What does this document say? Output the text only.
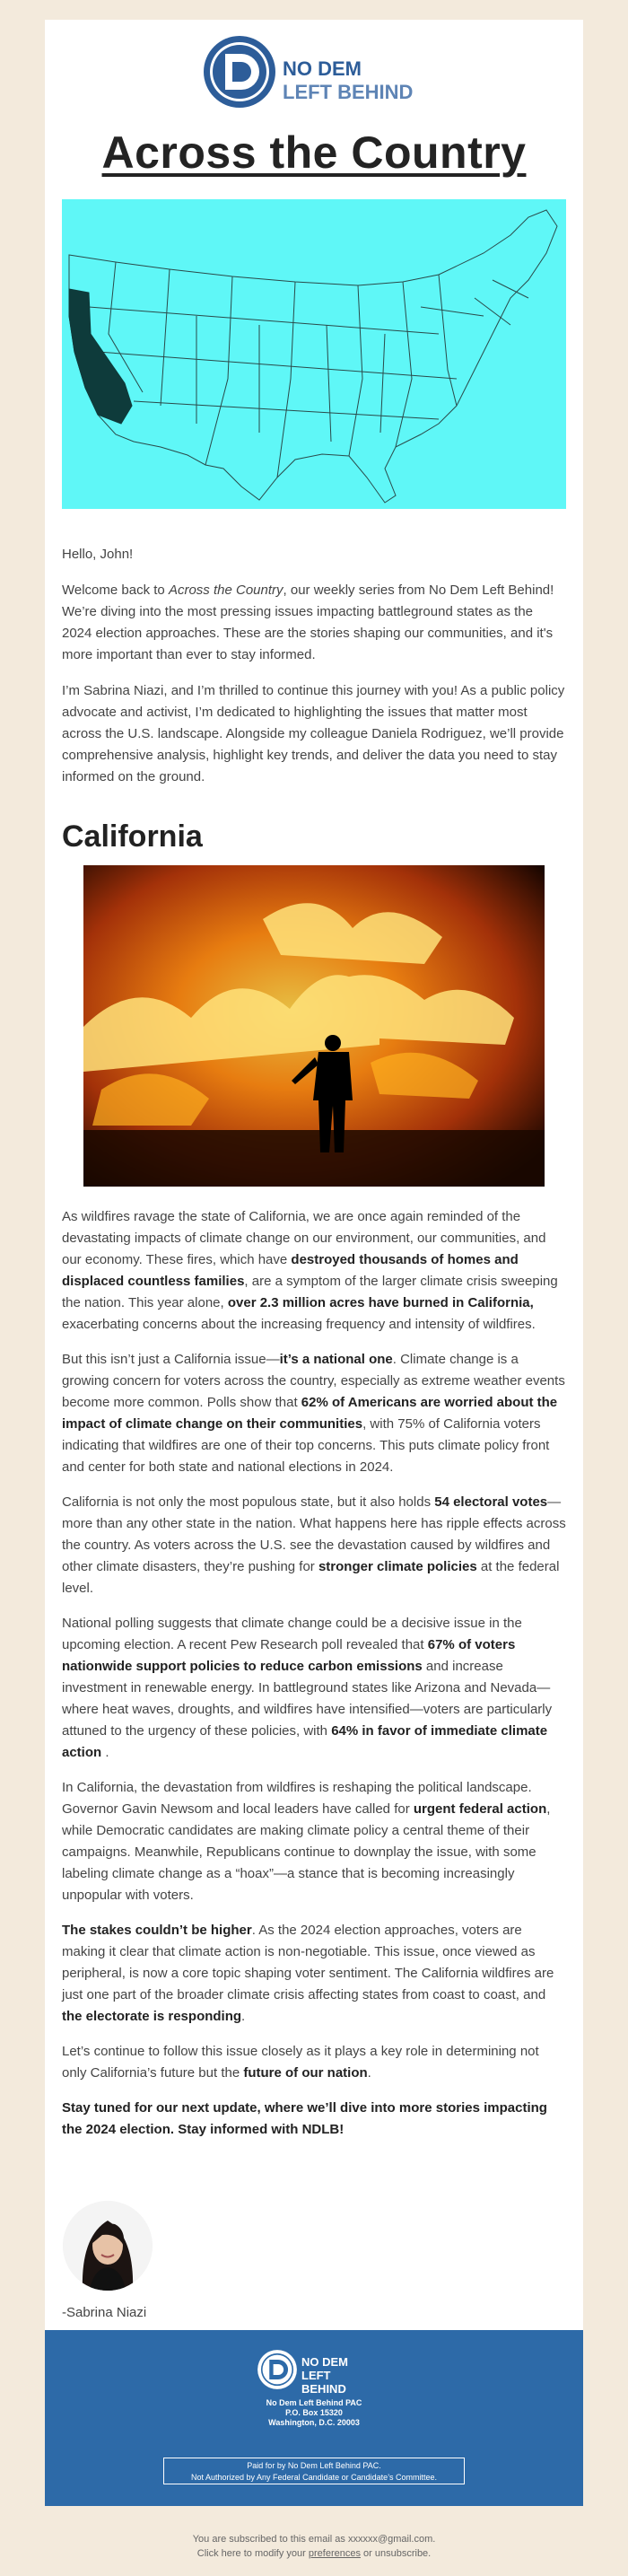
NO DEM
LEFT BEHIND
Across the Country

Hello, John!

Welcome back to Across the Country, our weekly series from No Dem Left Behind! We’re diving into the most pressing issues impacting battleground states as the 2024 election approaches. These are the stories shaping our communities, and it's more important than ever to stay informed.

I’m Sabrina Niazi, and I’m thrilled to continue this journey with you! As a public policy advocate and activist, I’m dedicated to highlighting the issues that matter most across the U.S. landscape. Alongside my colleague Daniela Rodriguez, we’ll provide comprehensive analysis, highlight key trends, and deliver the data you need to stay informed on the ground.

California

As wildfires ravage the state of California, we are once again reminded of the devastating impacts of climate change on our environment, our communities, and our economy. These fires, which have destroyed thousands of homes and displaced countless families, are a symptom of the larger climate crisis sweeping the nation. This year alone, over 2.3 million acres have burned in California, exacerbating concerns about the increasing frequency and intensity of wildfires.

But this isn’t just a California issue—it’s a national one. Climate change is a growing concern for voters across the country, especially as extreme weather events become more common. Polls show that 62% of Americans are worried about the impact of climate change on their communities, with 75% of California voters indicating that wildfires are one of their top concerns. This puts climate policy front and center for both state and national elections in 2024.

California is not only the most populous state, but it also holds 54 electoral votes—more than any other state in the nation. What happens here has ripple effects across the country. As voters across the U.S. see the devastation caused by wildfires and other climate disasters, they’re pushing for stronger climate policies at the federal level.

National polling suggests that climate change could be a decisive issue in the upcoming election. A recent Pew Research poll revealed that 67% of voters nationwide support policies to reduce carbon emissions and increase investment in renewable energy. In battleground states like Arizona and Nevada—where heat waves, droughts, and wildfires have intensified—voters are particularly attuned to the urgency of these policies, with 64% in favor of immediate climate action .

In California, the devastation from wildfires is reshaping the political landscape. Governor Gavin Newsom and local leaders have called for urgent federal action, while Democratic candidates are making climate policy a central theme of their campaigns. Meanwhile, Republicans continue to downplay the issue, with some labeling climate change as a “hoax”—a stance that is becoming increasingly unpopular with voters.

The stakes couldn’t be higher. As the 2024 election approaches, voters are making it clear that climate action is non-negotiable. This issue, once viewed as peripheral, is now a core topic shaping voter sentiment. The California wildfires are just one part of the broader climate crisis affecting states from coast to coast, and the electorate is responding.

Let’s continue to follow this issue closely as it plays a key role in determining not only California’s future but the future of our nation.

Stay tuned for our next update, where we’ll dive into more stories impacting the 2024 election. Stay informed with NDLB!

-Sabrina Niazi
NO DEM
LEFT BEHIND
No Dem Left Behind PAC
P.O. Box 15320
Washington, D.C. 20003
Paid for by No Dem Left Behind PAC.
Not Authorized by Any Federal Candidate or Candidate’s Committee.
You are subscribed to this email as xxxxxx@gmail.com.
Click here to modify your preferences or unsubscribe.
